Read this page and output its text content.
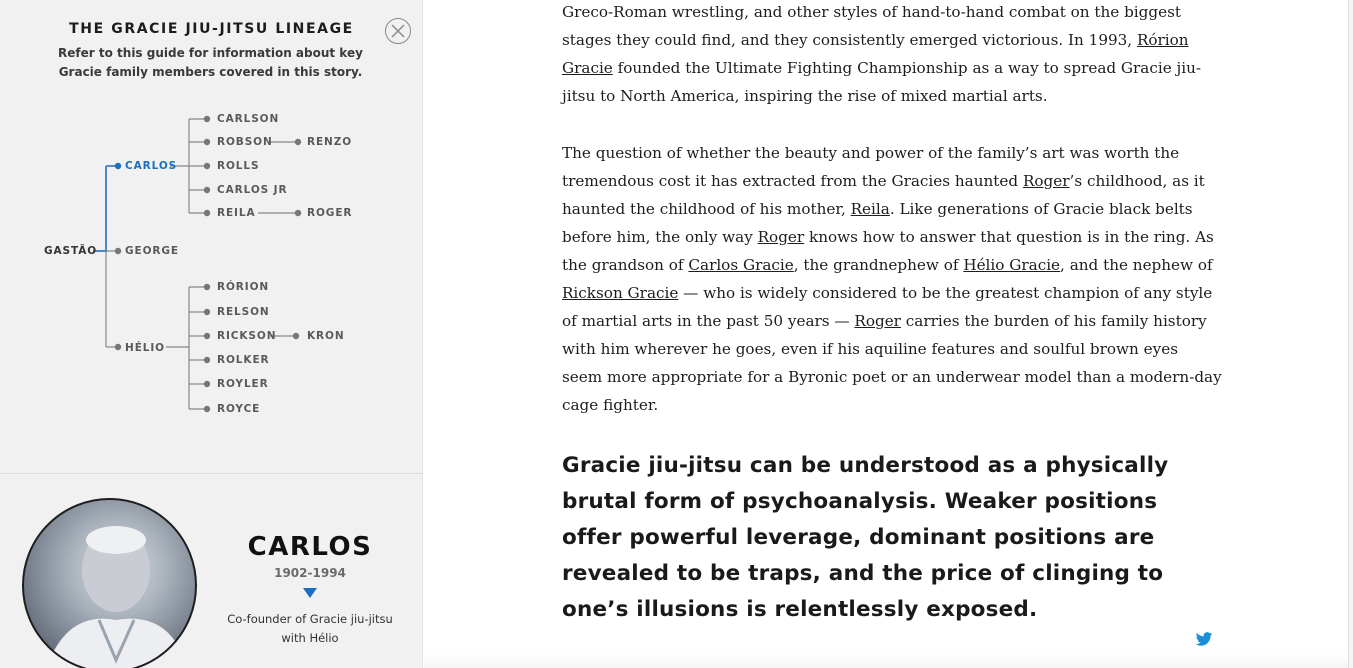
THE GRACIE JIU-JITSU LINEAGE
Refer to this guide for information about key Gracie family members covered in this story.
GASTÃO
CARLOS
GEORGE
HÉLIO
CARLSON
ROBSON
ROLLS
CARLOS JR
REILA
RENZO
ROGER
RÓRION
RELSON
RICKSON
ROLKER
ROYLER
ROYCE
KRON
CARLOS
1902-1994
Co-founder of Gracie jiu-jitsu with Hélio

Greco-Roman wrestling, and other styles of hand-to-hand combat on the biggest stages they could find, and they consistently emerged victorious. In 1993, Rórion Gracie founded the Ultimate Fighting Championship as a way to spread Gracie jiu-jitsu to North America, inspiring the rise of mixed martial arts.

The question of whether the beauty and power of the family’s art was worth the tremendous cost it has extracted from the Gracies haunted Roger’s childhood, as it haunted the childhood of his mother, Reila. Like generations of Gracie black belts before him, the only way Roger knows how to answer that question is in the ring. As the grandson of Carlos Gracie, the grandnephew of Hélio Gracie, and the nephew of Rickson Gracie — who is widely considered to be the greatest champion of any style of martial arts in the past 50 years — Roger carries the burden of his family history with him wherever he goes, even if his aquiline features and soulful brown eyes seem more appropriate for a Byronic poet or an underwear model than a modern-day cage fighter.

Gracie jiu-jitsu can be understood as a physically brutal form of psychoanalysis. Weaker positions offer powerful leverage, dominant positions are revealed to be traps, and the price of clinging to one’s illusions is relentlessly exposed.
